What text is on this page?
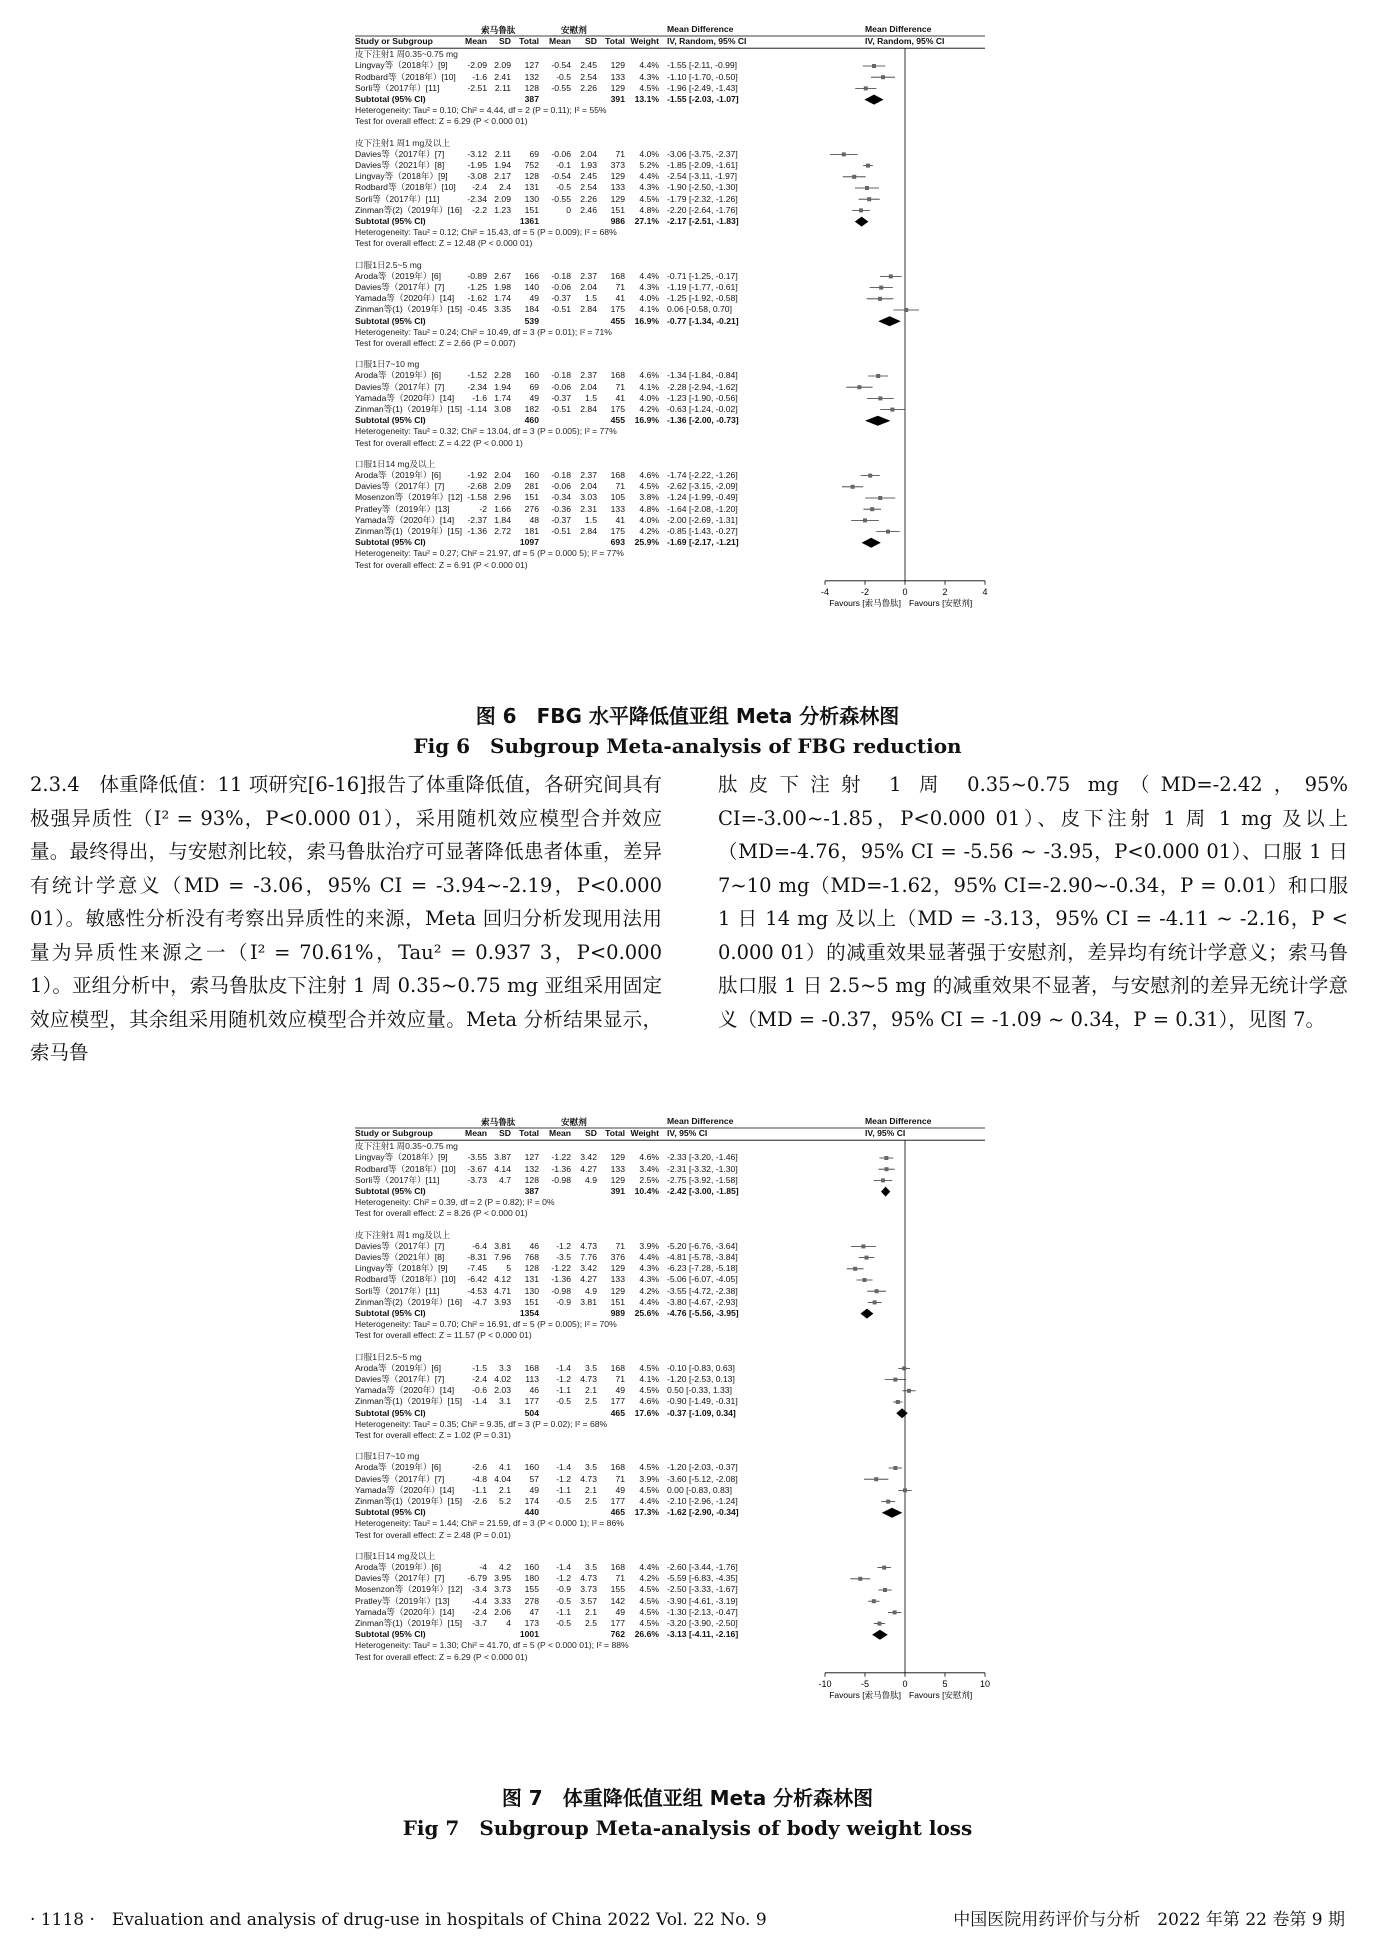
-4	-2	0	2	4
Favours [索马鲁肽] Favours [安慰剂]
索马鲁肽	安慰剂	Mean Difference	Mean Difference
Study or Subgroup	Mean	SD Total	Mean	SD Total Weight IV, Random, 95% CI	IV, Random, 95% CI
皮下注射1 周0.35~0.75 mg
Lingvay等（2018年）[9]	-2.09 2.09	127	-0.54	2.45	129	4.4% -1.55 [-2.11, -0.99]
Rodbard等（2018年）[10]	-1.6 2.41	132	-0.5	2.54	133	4.3% -1.10 [-1.70, -0.50]
Sorli等（2017年）[11]	-2.51 2.11	128	-0.55	2.26	129	4.5% -1.96 [-2.49, -1.43]
Subtotal (95% CI)	387	391	13.1% -1.55 [-2.03, -1.07]
Heterogeneity: Tau² = 0.10; Chi² = 4.44, df = 2 (P = 0.11); I² = 55%
Test for overall effect: Z = 6.29 (P < 0.000 01)
皮下注射1 周1 mg及以上
Davies等（2017年）[7]	-3.12 2.11	69	-0.06	2.04	71	4.0% -3.06 [-3.75, -2.37]
Davies等（2021年）[8]	-1.95 1.94	752	-0.1	1.93	373	5.2% -1.85 [-2.09, -1.61]
Lingvay等（2018年）[9]	-3.08 2.17	128	-0.54	2.45	129	4.4% -2.54 [-3.11, -1.97]
Rodbard等（2018年）[10]	-2.4	2.4	131	-0.5	2.54	133	4.3% -1.90 [-2.50, -1.30]
Sorli等（2017年）[11]	-2.34 2.09	130	-0.55	2.26	129	4.5% -1.79 [-2.32, -1.26]
Zinman等(2)（2019年）[16]	-2.2 1.23	151	0	2.46	151	4.8% -2.20 [-2.64, -1.76]
Subtotal (95% CI)	1361	986	27.1% -2.17 [-2.51, -1.83]
Heterogeneity: Tau² = 0.12; Chi² = 15.43, df = 5 (P = 0.009); I² = 68%
Test for overall effect: Z = 12.48 (P < 0.000 01)
口服1日2.5~5 mg
Aroda等（2019年）[6]	-0.89 2.67	166	-0.18	2.37	168	4.4% -0.71 [-1.25, -0.17]
Davies等（2017年）[7]	-1.25 1.98	140	-0.06	2.04	71	4.3% -1.19 [-1.77, -0.61]
Yamada等（2020年）[14]	-1.62 1.74	49	-0.37	1.5	41	4.0% -1.25 [-1.92, -0.58]
Zinman等(1)（2019年）[15] -0.45 3.35	184	-0.51	2.84	175	4.1% 0.06 [-0.58, 0.70]
Subtotal (95% CI)	539	455	16.9% -0.77 [-1.34, -0.21]
Heterogeneity: Tau² = 0.24; Chi² = 10.49, df = 3 (P = 0.01); I² = 71%
Test for overall effect: Z = 2.66 (P = 0.007)
口服1日7~10 mg
Aroda等（2019年）[6]	-1.52 2.28	160	-0.18	2.37	168	4.6% -1.34 [-1.84, -0.84]
Davies等（2017年）[7]	-2.34 1.94	69	-0.06	2.04	71	4.1% -2.28 [-2.94, -1.62]
Yamada等（2020年）[14]	-1.6 1.74	49	-0.37	1.5	41	4.0% -1.23 [-1.90, -0.56]
Zinman等(1)（2019年）[15] -1.14 3.08	182	-0.51	2.84	175	4.2% -0.63 [-1.24, -0.02]
Subtotal (95% CI)	460	455	16.9% -1.36 [-2.00, -0.73]
Heterogeneity: Tau² = 0.32; Chi² = 13.04, df = 3 (P = 0.005); I² = 77%
Test for overall effect: Z = 4.22 (P < 0.000 1)
口服1日14 mg及以上
Aroda等（2019年）[6]	-1.92 2.04	160	-0.18	2.37	168	4.6% -1.74 [-2.22, -1.26]
Davies等（2017年）[7]	-2.68 2.09	281	-0.06	2.04	71	4.5% -2.62 [-3.15, -2.09]
Mosenzon等（2019年）[12] -1.58 2.96	151	-0.34	3.03	105	3.8% -1.24 [-1.99, -0.49]
Pratley等（2019年）[13]	-2 1.66	276	-0.36	2.31	133	4.8% -1.64 [-2.08, -1.20]
Yamada等（2020年）[14]	-2.37 1.84	48	-0.37	1.5	41	4.0% -2.00 [-2.69, -1.31]
Zinman等(1)（2019年）[15] -1.36 2.72	181	-0.51	2.84	175	4.2% -0.85 [-1.43, -0.27]
Subtotal (95% CI)	1097	693	25.9% -1.69 [-2.17, -1.21]
Heterogeneity: Tau² = 0.27; Chi² = 21.97, df = 5 (P = 0.000 5); I² = 77%
Test for overall effect: Z = 6.91 (P < 0.000 01)
图 6　FBG 水平降低值亚组 Meta 分析森林图
Fig 6　Subgroup Meta-analysis of FBG reduction
2.3.4　体重降低值：11 项研究[6-16]报告了体重降低值，各研究间具有极强异质性（I² = 93%，P<0.000 01），采用随机效应模型合并效应量。最终得出，与安慰剂比较，索马鲁肽治疗可显著降低患者体重，差异有统计学意义（MD = -3.06，95% CI = -3.94~-2.19，P<0.000 01）。敏感性分析没有考察出异质性的来源，Meta 回归分析发现用法用量为异质性来源之一（I² = 70.61%，Tau² = 0.937 3，P<0.000 1）。亚组分析中，索马鲁肽皮下注射 1 周 0.35~0.75 mg 亚组采用固定效应模型，其余组采用随机效应模型合并效应量。Meta 分析结果显示，索马鲁
肽皮下注射 1 周 0.35~0.75 mg（MD=-2.42，95% CI=-3.00~-1.85，P<0.000 01）、皮下注射 1 周 1 mg 及以上（MD=-4.76，95% CI = -5.56 ~ -3.95，P<0.000 01）、口服 1 日 7~10 mg（MD=-1.62，95% CI=-2.90~-0.34，P = 0.01）和口服 1 日 14 mg 及以上（MD = -3.13，95% CI = -4.11 ~ -2.16，P < 0.000 01）的减重效果显著强于安慰剂，差异均有统计学意义；索马鲁肽口服 1 日 2.5~5 mg 的减重效果不显著，与安慰剂的差异无统计学意义（MD = -0.37，95% CI = -1.09 ~ 0.34，P = 0.31），见图 7。
-10	-5	0	5	10
Favours [索马鲁肽] Favours [安慰剂]
索马鲁肽	安慰剂	Mean Difference	Mean Difference
Study or Subgroup	Mean	SD Total	Mean	SD Total Weight IV, 95% CI	IV, 95% CI
皮下注射1 周0.35~0.75 mg
Lingvay等（2018年）[9]	-3.55 3.87	127	-1.22	3.42	129	4.6% -2.33 [-3.20, -1.46]
Rodbard等（2018年）[10]	-3.67 4.14	132	-1.36	4.27	133	3.4% -2.31 [-3.32, -1.30]
Sorli等（2017年）[11]	-3.73	4.7	128	-0.98	4.9	129	2.5% -2.75 [-3.92, -1.58]
Subtotal (95% CI)	387	391	10.4% -2.42 [-3.00, -1.85]
Heterogeneity: Chi² = 0.39, df = 2 (P = 0.82); I² = 0%
Test for overall effect: Z = 8.26 (P < 0.000 01)
皮下注射1 周1 mg及以上
Davies等（2017年）[7]	-6.4 3.81	46	-1.2	4.73	71	3.9% -5.20 [-6.76, -3.64]
Davies等（2021年）[8]	-8.31 7.96	768	-3.5	7.76	376	4.4% -4.81 [-5.78, -3.84]
Lingvay等（2018年）[9]	-7.45	5	128	-1.22	3.42	129	4.3% -6.23 [-7.28, -5.18]
Rodbard等（2018年）[10]	-6.42 4.12	131	-1.36	4.27	133	4.3% -5.06 [-6.07, -4.05]
Sorli等（2017年）[11]	-4.53 4.71	130	-0.98	4.9	129	4.2% -3.55 [-4.72, -2.38]
Zinman等(2)（2019年）[16]	-4.7 3.93	151	-0.9	3.81	151	4.4% -3.80 [-4.67, -2.93]
Subtotal (95% CI)	1354	989	25.6% -4.76 [-5.56, -3.95]
Heterogeneity: Tau² = 0.70; Chi² = 16.91, df = 5 (P = 0.005); I² = 70%
Test for overall effect: Z = 11.57 (P < 0.000 01)
口服1日2.5~5 mg
Aroda等（2019年）[6]	-1.5	3.3	168	-1.4	3.5	168	4.5% -0.10 [-0.83, 0.63]
Davies等（2017年）[7]	-2.4 4.02	113	-1.2	4.73	71	4.1% -1.20 [-2.53, 0.13]
Yamada等（2020年）[14]	-0.6 2.03	46	-1.1	2.1	49	4.5% 0.50 [-0.33, 1.33]
Zinman等(1)（2019年）[15]	-1.4	3.1	177	-0.5	2.5	177	4.6% -0.90 [-1.49, -0.31]
Subtotal (95% CI)	504	465	17.6% -0.37 [-1.09, 0.34]
Heterogeneity: Tau² = 0.35; Chi² = 9.35, df = 3 (P = 0.02); I² = 68%
Test for overall effect: Z = 1.02 (P = 0.31)
口服1日7~10 mg
Aroda等（2019年）[6]	-2.6	4.1	160	-1.4	3.5	168	4.5% -1.20 [-2.03, -0.37]
Davies等（2017年）[7]	-4.8 4.04	57	-1.2	4.73	71	3.9% -3.60 [-5.12, -2.08]
Yamada等（2020年）[14]	-1.1	2.1	49	-1.1	2.1	49	4.5% 0.00 [-0.83, 0.83]
Zinman等(1)（2019年）[15]	-2.6	5.2	174	-0.5	2.5	177	4.4% -2.10 [-2.96, -1.24]
Subtotal (95% CI)	440	465	17.3% -1.62 [-2.90, -0.34]
Heterogeneity: Tau² = 1.44; Chi² = 21.59, df = 3 (P < 0.000 1); I² = 86%
Test for overall effect: Z = 2.48 (P = 0.01)
口服1日14 mg及以上
Aroda等（2019年）[6]	-4	4.2	160	-1.4	3.5	168	4.4% -2.60 [-3.44, -1.76]
Davies等（2017年）[7]	-6.79 3.95	180	-1.2	4.73	71	4.2% -5.59 [-6.83, -4.35]
Mosenzon等（2019年）[12]	-3.4 3.73	155	-0.9	3.73	155	4.5% -2.50 [-3.33, -1.67]
Pratley等（2019年）[13]	-4.4 3.33	278	-0.5	3.57	142	4.5% -3.90 [-4.61, -3.19]
Yamada等（2020年）[14]	-2.4 2.06	47	-1.1	2.1	49	4.5% -1.30 [-2.13, -0.47]
Zinman等(1)（2019年）[15]	-3.7	4	173	-0.5	2.5	177	4.5% -3.20 [-3.90, -2.50]
Subtotal (95% CI)	1001	762	26.6% -3.13 [-4.11, -2.16]
Heterogeneity: Tau² = 1.30; Chi² = 41.70, df = 5 (P < 0.000 01); I² = 88%
Test for overall effect: Z = 6.29 (P < 0.000 01)
图 7　体重降低值亚组 Meta 分析森林图
Fig 7　Subgroup Meta-analysis of body weight loss
· 1118 ·　Evaluation and analysis of drug-use in hospitals of China 2022 Vol. 22 No. 9	中国医院用药评价与分析　2022 年第 22 卷第 9 期
